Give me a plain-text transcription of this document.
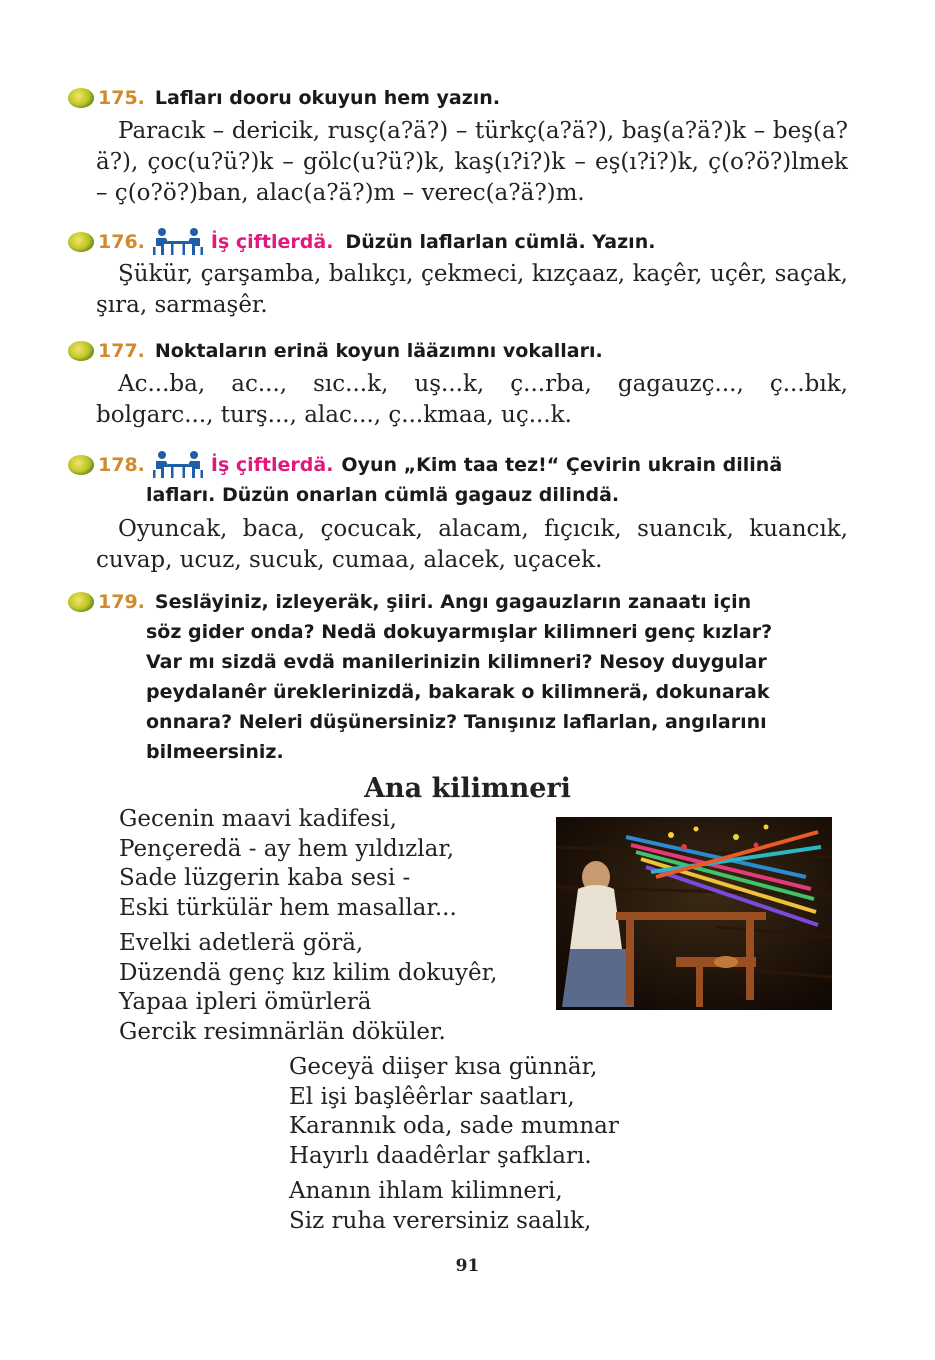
175. Lafları dooru okuyun hem yazın.
Paracık – dericik, rusç(a?ä?) – türkç(a?ä?), baş(a?ä?)k – beş(a?ä?), çoc(u?ü?)k – gölc(u?ü?)k, kaş(ı?i?)k – eş(ı?i?)k, ç(o?ö?)lmek – ç(o?ö?)ban, alac(a?ä?)m – verec(a?ä?)m.
176.	İş çiftlerdä. Düzün laflarlan cümlä. Yazın.
Şükür, çarşamba, balıkçı, çekmeci, kızçaaz, kaçêr, uçêr, saçak, şıra, sarmaşêr.
177. Noktaların erinä koyun lääzımnı vokalları.
Ac...ba, ac..., sıc...k, uş...k, ç...rba, gagauzç..., ç...bık, bolgarc..., turş..., alac..., ç...kmaa, uç...k.
178.	İş çiftlerdä. Oyun „Kim taa tez!“ Çevirin ukrain dilinä
lafları. Düzün onarlan cümlä gagauz dilindä.
Oyuncak, baca, çocucak, alacam, fıçıcık, suancık, kuancık, cuvap, ucuz, sucuk, cumaa, alacek, uçacek.
179. Sesläyiniz, izleyeräk, şiiri. Angı gagauzların zanaatı için
söz gider onda? Nedä dokuyarmışlar kilimneri genç kızlar?
Var mı sizdä evdä manilerinizin kilimneri? Nesoy duygular
peydalanêr üreklerinizdä, bakarak o kilimnerä, dokunarak
onnara? Neleri düşünersiniz? Tanışınız laflarlan, angılarını
bilmeersiniz.
Ana kilimneri
Gecenin maavi kadifesi,
Pençeredä - ay hem yıldızlar,
Sade lüzgerin kaba sesi -
Eski türkülär hem masallar...
Evelki adetlerä görä,
Düzendä genç kız kilim dokuyêr,
Yapaa ipleri ömürlerä
Gercik resimnärlän döküler.
Geceyä diişer kısa günnär,
El işi başlêêrlar saatları,
Karannık oda, sade mumnar
Hayırlı daadêrlar şafkları.
Ananın ihlam kilimneri,
Siz ruha verersiniz saalık,
91
